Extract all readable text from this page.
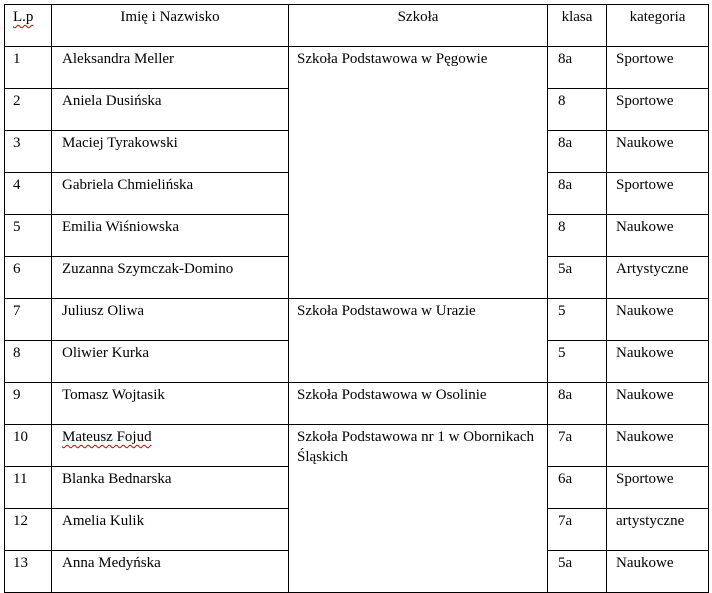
L.p	Imię i Nazwisko	Szkoła	klasa	kategoria
1	Aleksandra Meller	Szkoła Podstawowa w Pęgowie	8a	Sportowe
2	Aniela Dusińska		8	Sportowe
3	Maciej Tyrakowski		8a	Naukowe
4	Gabriela Chmielińska		8a	Sportowe
5	Emilia Wiśniowska		8	Naukowe
6	Zuzanna Szymczak-Domino		5a	Artystyczne
7	Juliusz Oliwa	Szkoła Podstawowa w Urazie	5	Naukowe
8	Oliwier Kurka		5	Naukowe
9	Tomasz Wojtasik	Szkoła Podstawowa w Osolinie	8a	Naukowe
10	Mateusz Fojud	Szkoła Podstawowa nr 1 w Obornikach Śląskich	7a	Naukowe
11	Blanka Bednarska		6a	Sportowe
12	Amelia Kulik		7a	artystyczne
13	Anna Medyńska		5a	Naukowe
